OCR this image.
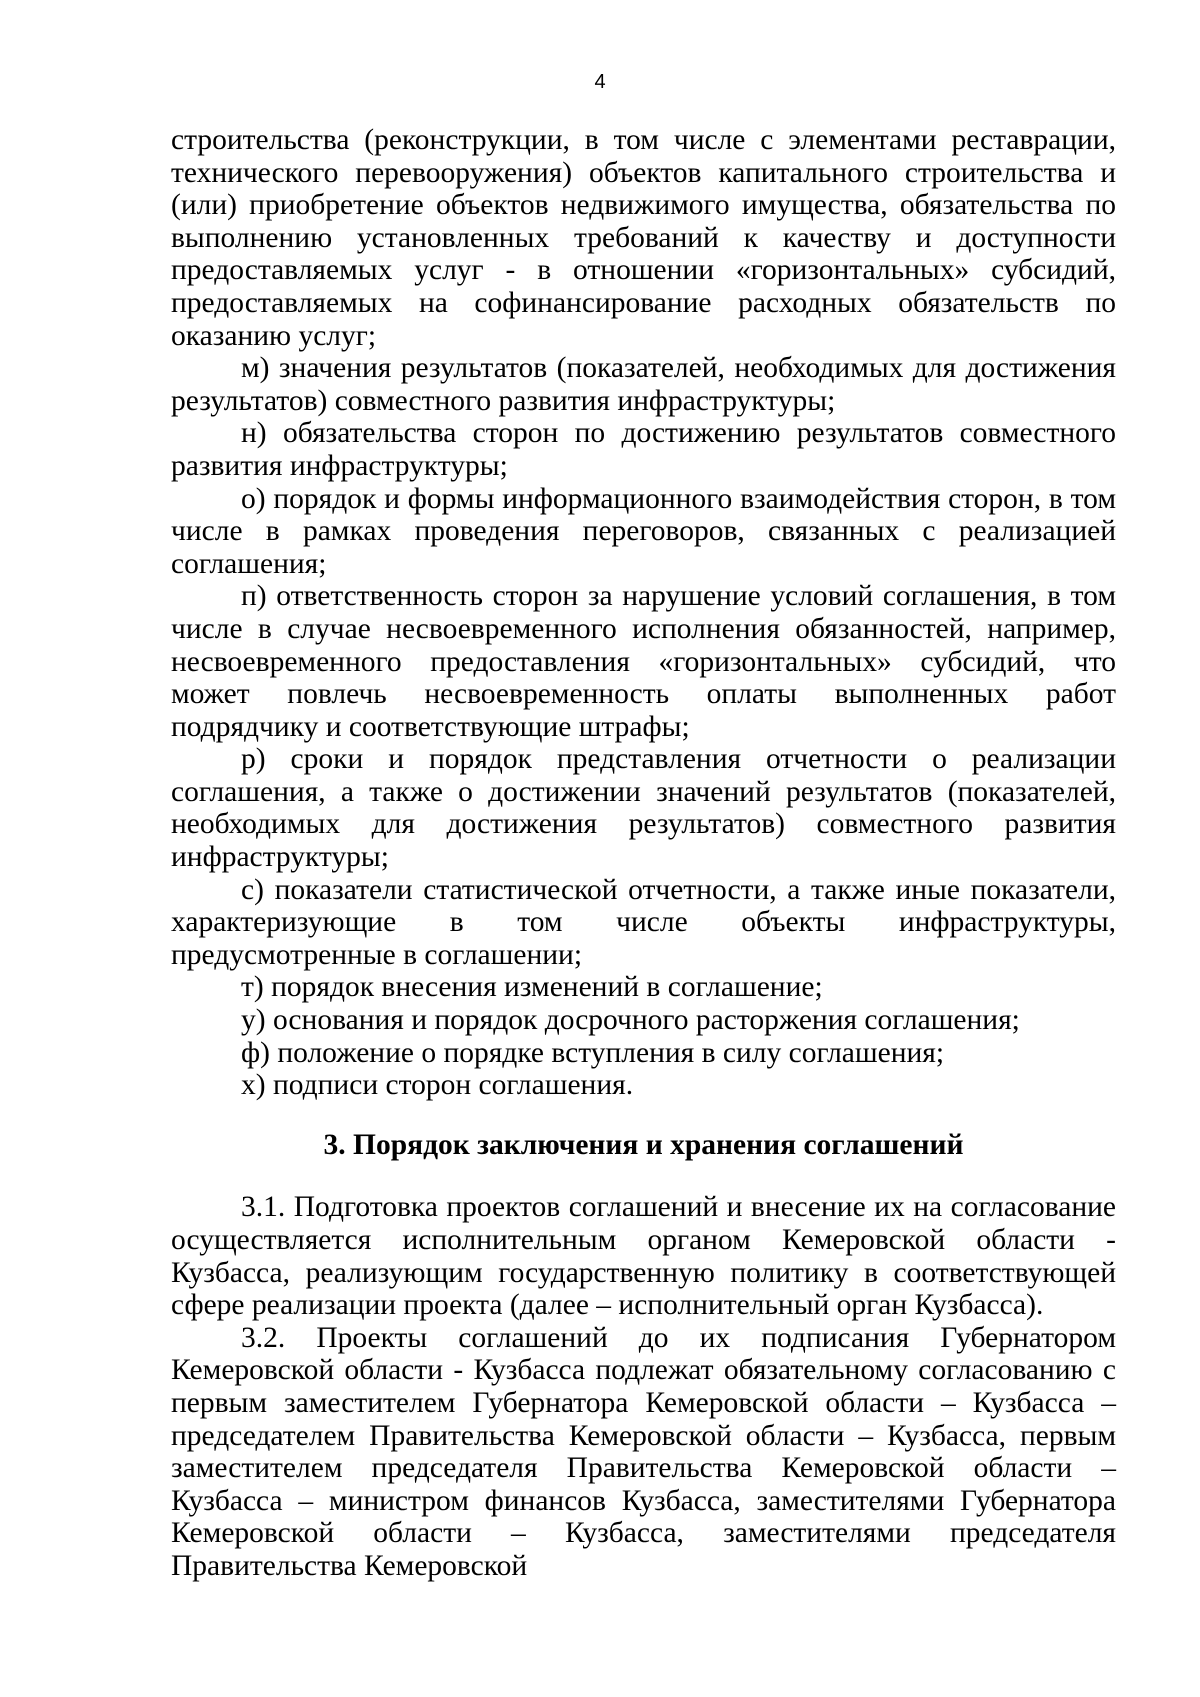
4

строительства (реконструкции, в том числе с элементами реставрации, технического перевооружения) объектов капитального строительства и (или) приобретение объектов недвижимого имущества, обязательства по выполнению установленных требований к качеству и доступности предоставляемых услуг - в отношении «горизонтальных» субсидий, предоставляемых на софинансирование расходных обязательств по оказанию услуг;

м) значения результатов (показателей, необходимых для достижения результатов) совместного развития инфраструктуры;

н) обязательства сторон по достижению результатов совместного развития инфраструктуры;

о) порядок и формы информационного взаимодействия сторон, в том числе в рамках проведения переговоров, связанных с реализацией соглашения;

п) ответственность сторон за нарушение условий соглашения, в том числе в случае несвоевременного исполнения обязанностей, например, несвоевременного предоставления «горизонтальных» субсидий, что может повлечь несвоевременность оплаты выполненных работ подрядчику и соответствующие штрафы;

р) сроки и порядок представления отчетности о реализации соглашения, а также о достижении значений результатов (показателей, необходимых для достижения результатов) совместного развития инфраструктуры;

с) показатели статистической отчетности, а также иные показатели, характеризующие в том числе объекты инфраструктуры, предусмотренные в соглашении;

т) порядок внесения изменений в соглашение;

у) основания и порядок досрочного расторжения соглашения;

ф) положение о порядке вступления в силу соглашения;

х) подписи сторон соглашения.

3. Порядок заключения и хранения соглашений

3.1. Подготовка проектов соглашений и внесение их на согласование осуществляется исполнительным органом Кемеровской области - Кузбасса, реализующим государственную политику в соответствующей сфере реализации проекта (далее – исполнительный орган Кузбасса).

3.2. Проекты соглашений до их подписания Губернатором Кемеровской области - Кузбасса подлежат обязательному согласованию с первым заместителем Губернатора Кемеровской области – Кузбасса – председателем Правительства Кемеровской области – Кузбасса, первым заместителем председателя Правительства Кемеровской области – Кузбасса – министром финансов Кузбасса, заместителями Губернатора Кемеровской области – Кузбасса, заместителями председателя Правительства Кемеровской
